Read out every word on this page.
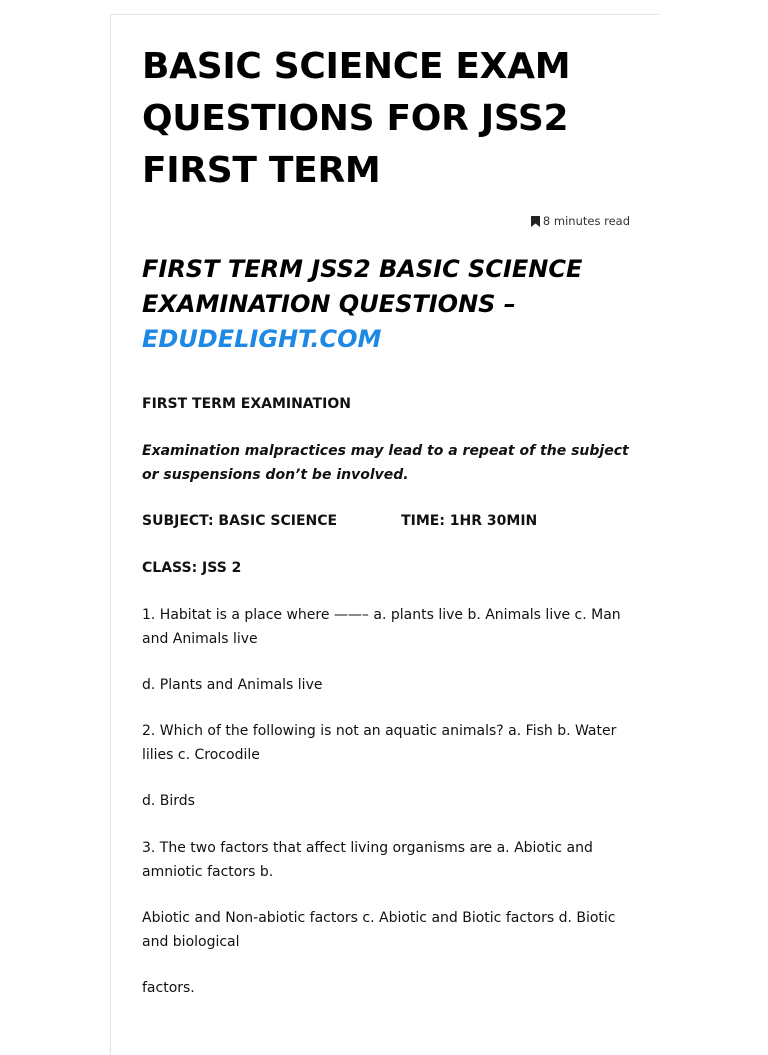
BASIC SCIENCE EXAM QUESTIONS FOR JSS2 FIRST TERM
8 minutes read
FIRST TERM JSS2 BASIC SCIENCE EXAMINATION QUESTIONS –
EDUDELIGHT.COM

FIRST TERM EXAMINATION

Examination malpractices may lead to a repeat of the subject or suspensions don’t be involved.

SUBJECT: BASIC SCIENCE	TIME: 1HR 30MIN

CLASS: JSS 2

1. Habitat is a place where ——– a. plants live b. Animals live c. Man and Animals live

d. Plants and Animals live

2. Which of the following is not an aquatic animals? a. Fish b. Water lilies c. Crocodile

d. Birds

3. The two factors that affect living organisms are a. Abiotic and amniotic factors b.

Abiotic and Non-abiotic factors c. Abiotic and Biotic factors d. Biotic and biological

factors.
